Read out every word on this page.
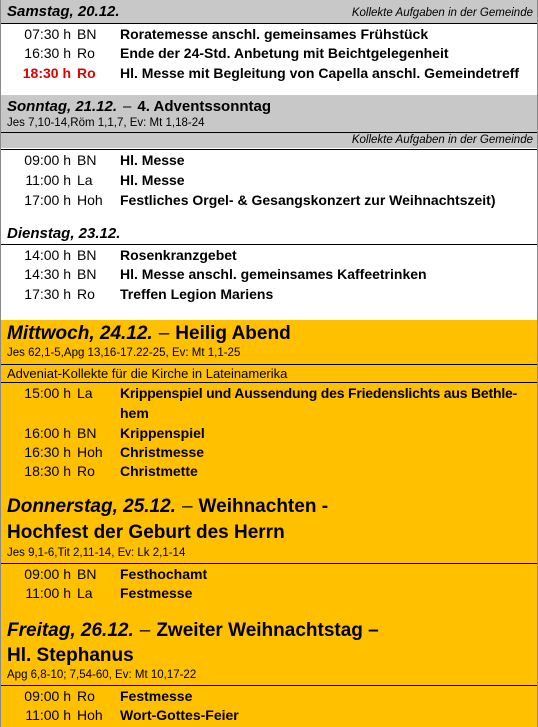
Samstag, 20.12.	Kollekte Aufgaben in der Gemeinde
07:30 h BN Roratemesse anschl. gemeinsames Frühstück
16:30 h Ro Ende der 24-Std. Anbetung mit Beichtgelegenheit
18:30 h Ro Hl. Messe mit Begleitung von Capella anschl. Gemeindetreff
Sonntag, 21.12. – 4. Adventssonntag
Jes 7,10-14,Röm 1,1,7, Ev: Mt 1,18-24
Kollekte Aufgaben in der Gemeinde
09:00 h BN Hl. Messe
11:00 h La Hl. Messe
17:00 h Hoh Festliches Orgel- & Gesangskonzert zur Weihnachtszeit)
Dienstag, 23.12.
14:00 h BN Rosenkranzgebet
14:30 h BN Hl. Messe anschl. gemeinsames Kaffeetrinken
17:30 h Ro Treffen Legion Mariens
Mittwoch, 24.12. – Heilig Abend
Jes 62,1-5,Apg 13,16-17.22-25, Ev: Mt 1,1-25
Adveniat-Kollekte für die Kirche in Lateinamerika
15:00 h La Krippenspiel und Aussendung des Friedenslichts aus Bethle-
hem
16:00 h BN Krippenspiel
16:30 h Hoh Christmesse
18:30 h Ro Christmette
Donnerstag, 25.12. – Weihnachten -
Hochfest der Geburt des Herrn
Jes 9,1-6,Tit 2,11-14, Ev: Lk 2,1-14
09:00 h BN Festhochamt
11:00 h La Festmesse
Freitag, 26.12. – Zweiter Weihnachtstag –
Hl. Stephanus
Apg 6,8-10; 7,54-60, Ev: Mt 10,17-22
09:00 h Ro Festmesse
11:00 h Hoh Wort-Gottes-Feier
